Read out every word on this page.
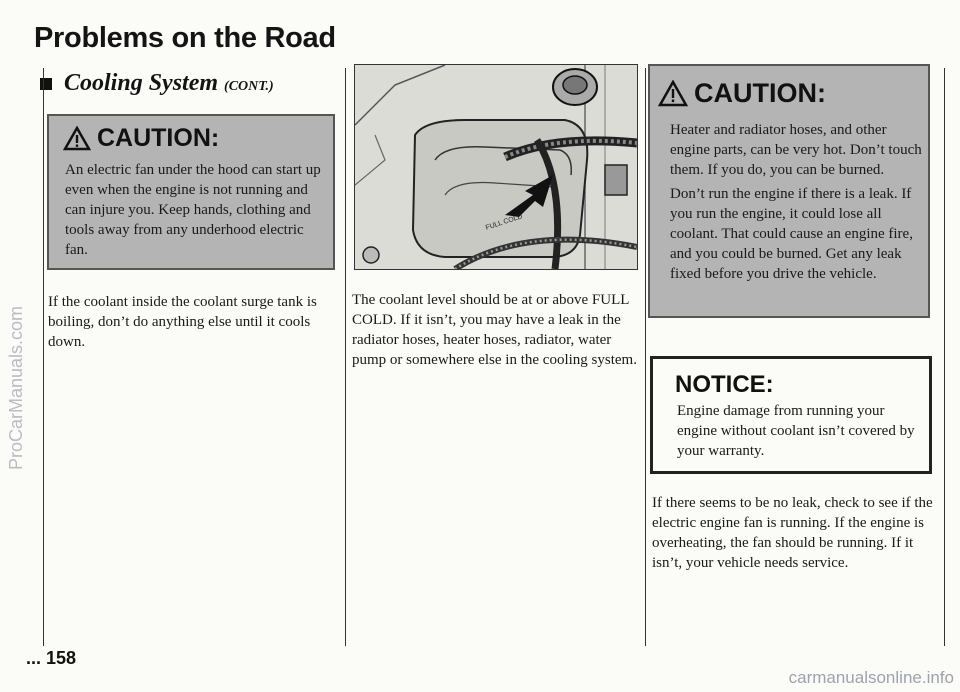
Problems on the Road
Cooling System (CONT.)
CAUTION:
An electric fan under the hood can start up even when the engine is not running and can injure you. Keep hands, clothing and tools away from any underhood electric fan.
If the coolant inside the coolant surge tank is boiling, don’t do anything else until it cools down.
FULL COLD
The coolant level should be at or above FULL COLD. If it isn’t, you may have a leak in the radiator hoses, heater hoses, radiator, water pump or somewhere else in the cooling system.
CAUTION:

Heater and radiator hoses, and other engine parts, can be very hot. Don’t touch them. If you do, you can be burned.

Don’t run the engine if there is a leak. If you run the engine, it could lose all coolant. That could cause an engine fire, and you could be burned. Get any leak fixed before you drive the vehicle.

NOTICE:
Engine damage from running your engine without coolant isn’t covered by your warranty.
If there seems to be no leak, check to see if the electric engine fan is running. If the engine is overheating, the fan should be running. If it isn’t, your vehicle needs service.
... 158
ProCarManuals.com
carmanualsonline.info
